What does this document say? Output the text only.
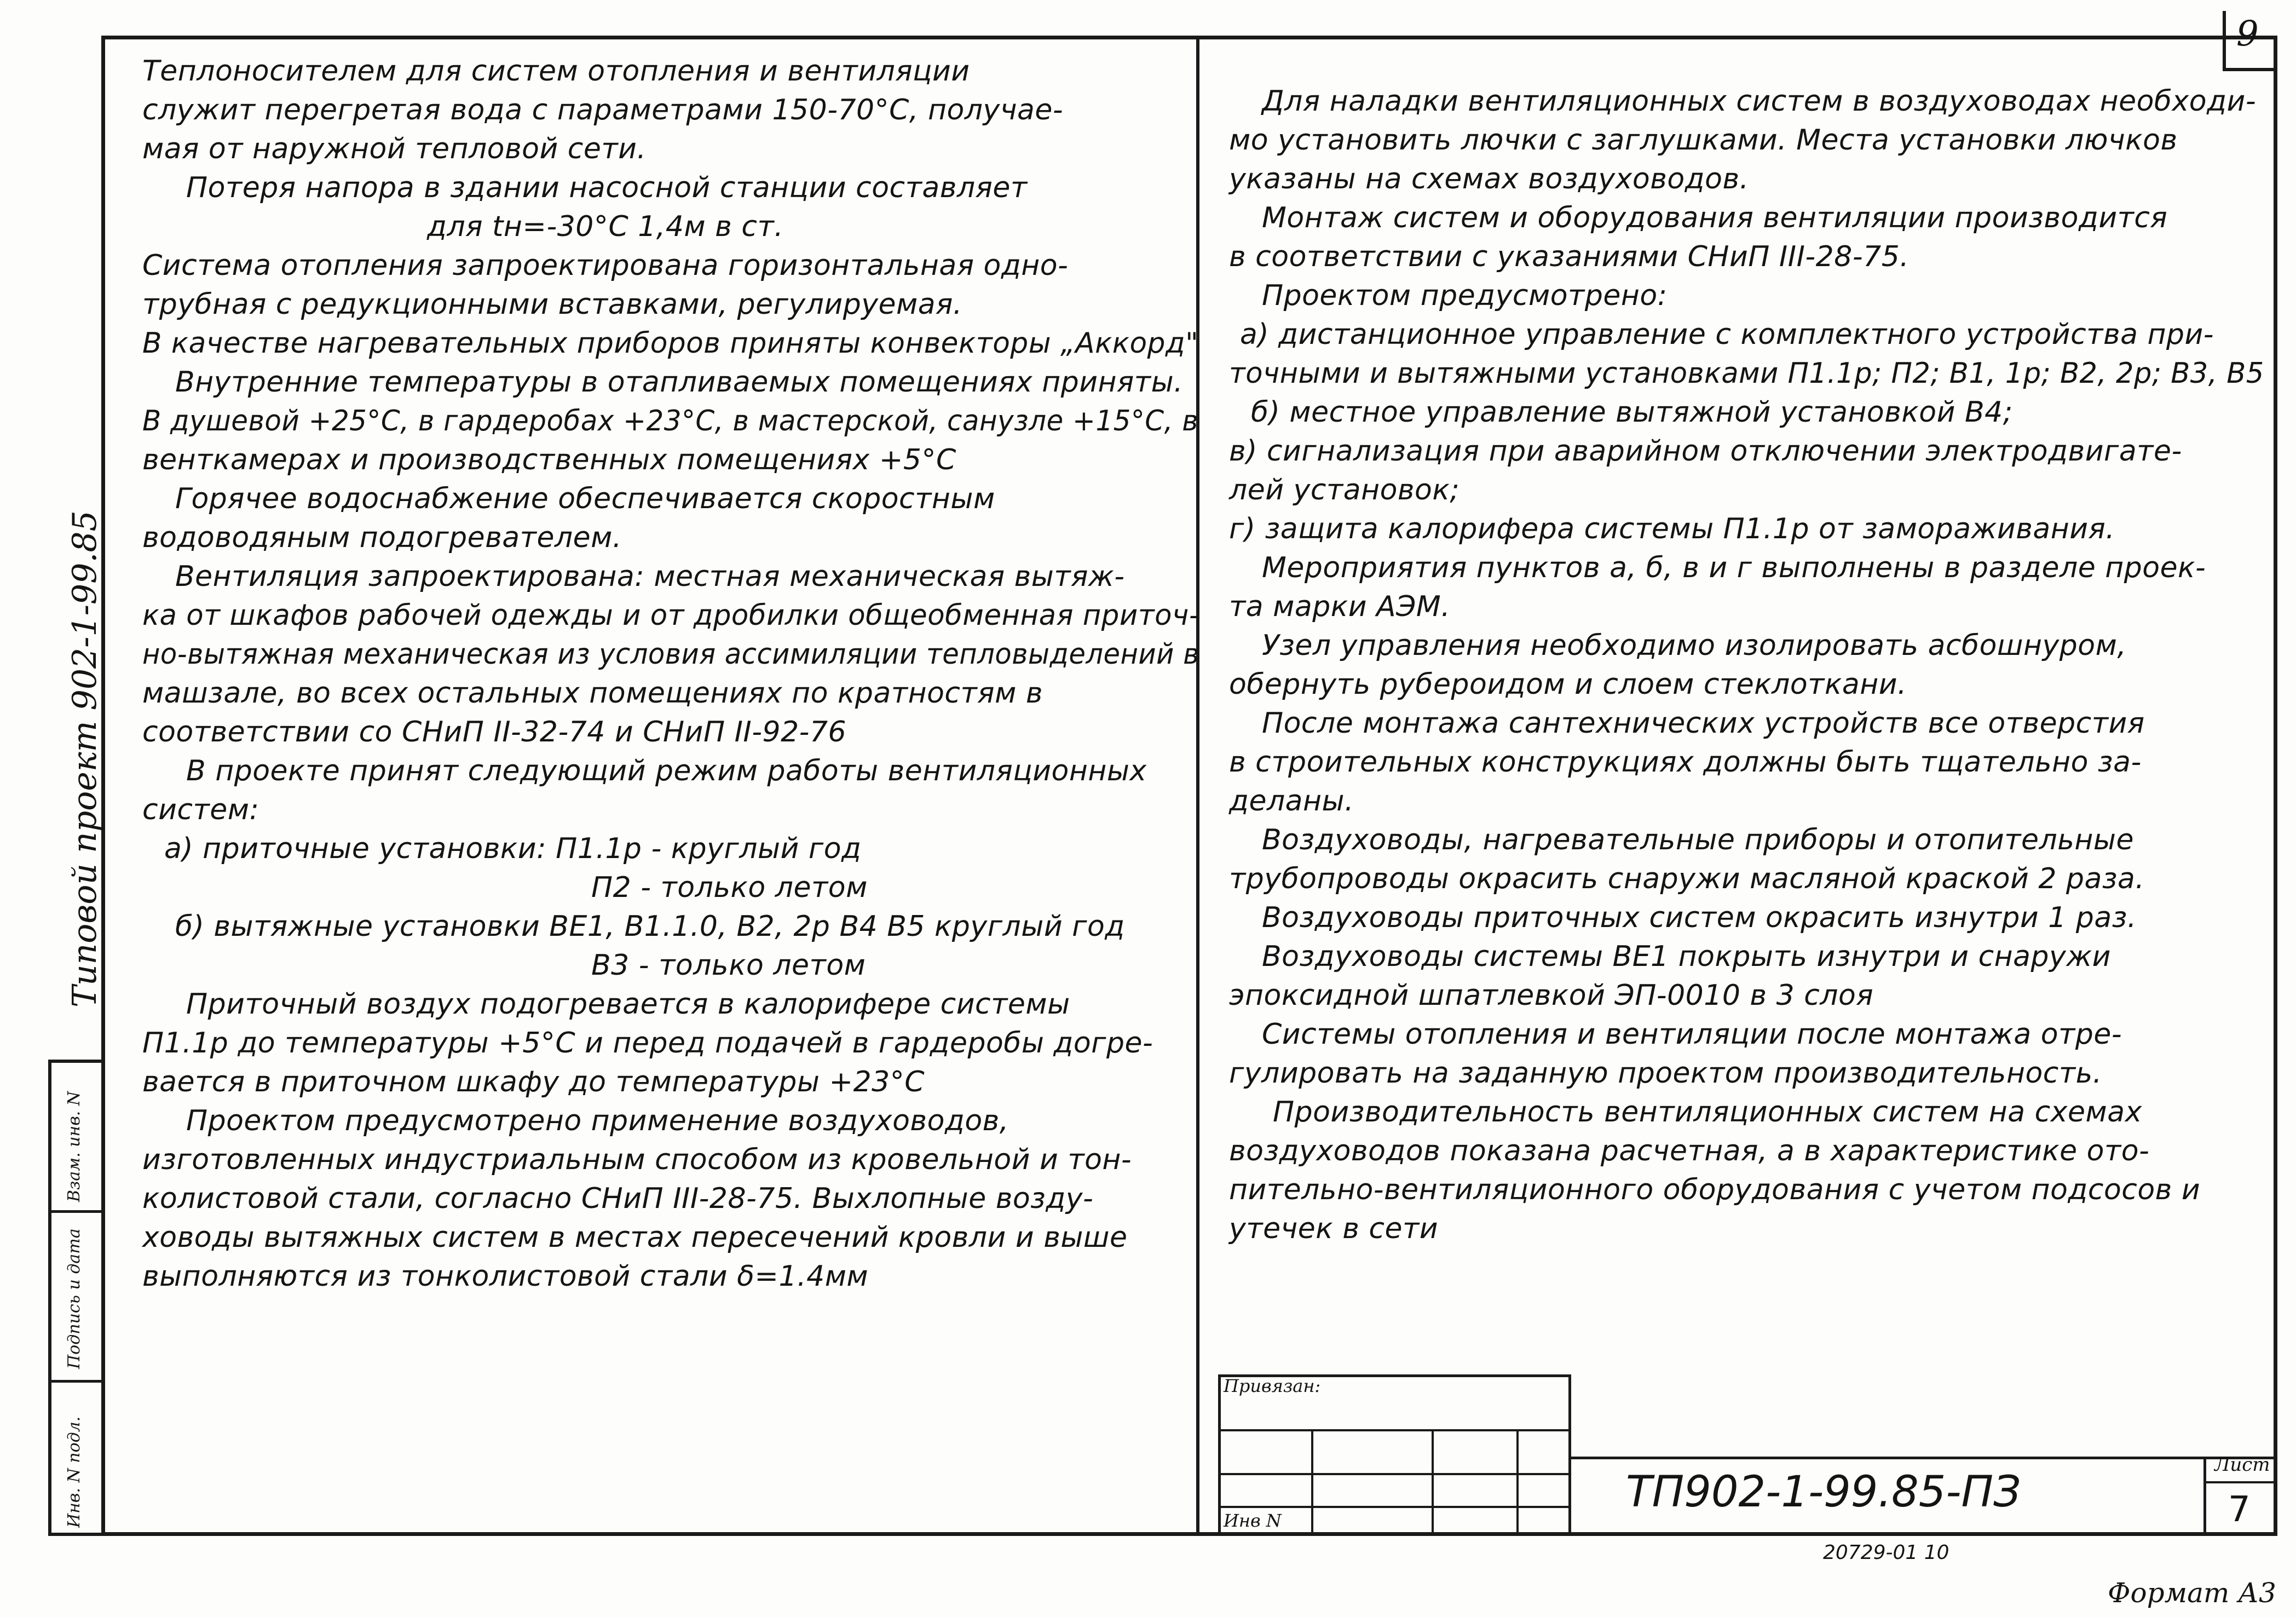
9
Типовой проект 902-1-99.85
Инв. N подл.
Подпись и дата
Взам. инв. N
Теплоносителем для систем отопления и вентиляции
служит перегретая вода с параметрами 150-70°С, получае-
мая от наружной тепловой сети.
Потеря напора в здании насосной станции составляет
для tн=-30°С 1,4м в ст.
Система отопления запроектирована горизонтальная одно-
трубная с редукционными вставками, регулируемая.
В качестве нагревательных приборов приняты конвекторы „Аккорд"
Внутренние температуры в отапливаемых помещениях приняты.
В душевой +25°С, в гардеробах +23°С, в мастерской, санузле +15°С, в
венткамерах и производственных помещениях +5°С
Горячее водоснабжение обеспечивается скоростным
водоводяным подогревателем.
Вентиляция запроектирована: местная механическая вытяж-
ка от шкафов рабочей одежды и от дробилки общеобменная приточ-
но-вытяжная механическая из условия ассимиляции тепловыделений в
машзале, во всех остальных помещениях по кратностям в
соответствии со СНиП II-32-74 и СНиП II-92-76
В проекте принят следующий режим работы вентиляционных
систем:
а) приточные установки: П1.1р - круглый год
П2 - только летом
б) вытяжные установки ВЕ1, В1.1.0, В2, 2р В4 В5 круглый год
В3 - только летом
Приточный воздух подогревается в калорифере системы
П1.1р до температуры +5°С и перед подачей в гардеробы догре-
вается в приточном шкафу до температуры +23°С
Проектом предусмотрено применение воздуховодов,
изготовленных индустриальным способом из кровельной и тон-
колистовой стали, согласно СНиП III-28-75. Выхлопные возду-
ховоды вытяжных систем в местах пересечений кровли и выше
выполняются из тонколистовой стали δ=1.4мм
Для наладки вентиляционных систем в воздуховодах необходи-
мо установить лючки с заглушками. Места установки лючков
указаны на схемах воздуховодов.
Монтаж систем и оборудования вентиляции производится
в соответствии с указаниями СНиП III-28-75.
Проектом предусмотрено:
а) дистанционное управление с комплектного устройства при-
точными и вытяжными установками П1.1р; П2; В1, 1р; В2, 2р; В3, В5
б) местное управление вытяжной установкой В4;
в) сигнализация при аварийном отключении электродвигате-
лей установок;
г) защита калорифера системы П1.1р от замораживания.
Мероприятия пунктов а, б, в и г выполнены в разделе проек-
та марки АЭМ.
Узел управления необходимо изолировать асбошнуром,
обернуть рубероидом и слоем стеклоткани.
После монтажа сантехнических устройств все отверстия
в строительных конструкциях должны быть тщательно за-
деланы.
Воздуховоды, нагревательные приборы и отопительные
трубопроводы окрасить снаружи масляной краской 2 раза.
Воздуховоды приточных систем окрасить изнутри 1 раз.
Воздуховоды системы ВЕ1 покрыть изнутри и снаружи
эпоксидной шпатлевкой ЭП-0010 в 3 слоя
Системы отопления и вентиляции после монтажа отре-
гулировать на заданную проектом производительность.
Производительность вентиляционных систем на схемах
воздуховодов показана расчетная, а в характеристике ото-
пительно-вентиляционного оборудования с учетом подсосов и
утечек в сети
Привязан:
Инв N
ТП902-1-99.85-ПЗ
Лист
7
20729-01 10
Формат А3
